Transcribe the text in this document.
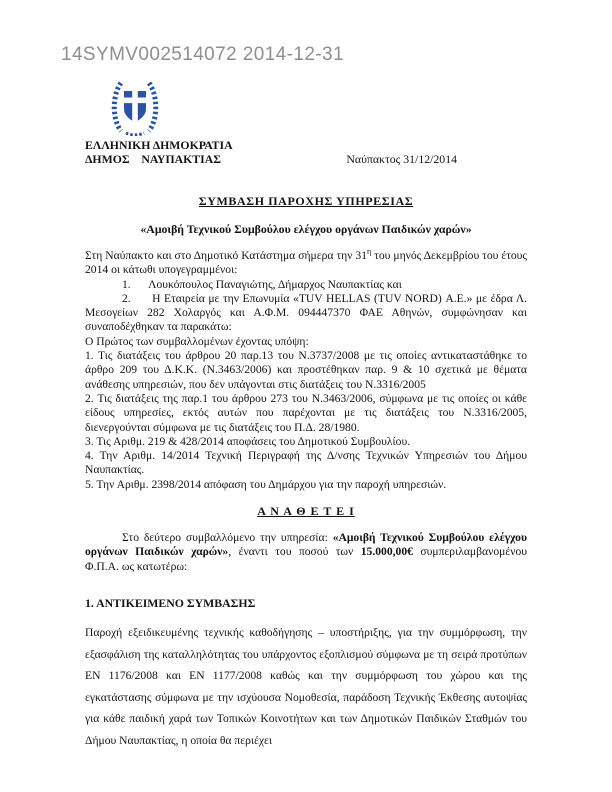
14SYMV002514072 2014-12-31
ΕΛΛΗΝΙΚΗ ΔΗΜΟΚΡΑΤΙΑ
ΔΗΜΟΣ    ΝΑΥΠΑΚΤΙΑΣ	Ναύπακτος 31/12/2014
ΣΥΜΒΑΣΗ ΠΑΡΟΧΗΣ ΥΠΗΡΕΣΙΑΣ
«Αμοιβή Τεχνικού Συμβούλου ελέγχου οργάνων Παιδικών χαρών»

Στη Ναύπακτο και στο Δημοτικό Κατάστημα σήμερα την $31^\eta$ του μηνός Δεκεμβρίου του έτους 2014 οι κάτωθι υπογεγραμμένοι:

1.      Λουκόπουλος Παναγιώτης, Δήμαρχος Ναυπακτίας και

2.      Η Εταιρεία με την Επωνυμία «TUV HELLAS (TUV NORD) Α.Ε.» με έδρα Λ. Μεσογείων 282 Χολαργός και Α.Φ.Μ. 094447370 ΦΑΕ Αθηνών, συμφώνησαν και συναποδέχθηκαν τα παρακάτω:

Ο Πρώτος των συμβαλλομένων έχοντας υπόψη:

1. Τις διατάξεις του άρθρου 20 παρ.13 του Ν.3737/2008 με τις οποίες αντικαταστάθηκε το άρθρο 209 του Δ.Κ.Κ. (Ν.3463/2006) και προστέθηκαν παρ. 9 & 10 σχετικά με θέματα ανάθεσης υπηρεσιών, που δεν υπάγονται στις διατάξεις του Ν.3316/2005

2. Τις διατάξεις της παρ.1 του άρθρου 273 του Ν.3463/2006, σύμφωνα με τις οποίες οι κάθε είδους υπηρεσίες, εκτός αυτών που παρέχονται με τις διατάξεις του Ν.3316/2005, διενεργούνται σύμφωνα με τις διατάξεις του Π.Δ. 28/1980.

3. Τις Αριθμ. 219 & 428/2014 αποφάσεις του Δημοτικού Συμβουλίου.

4. Την Αριθμ. 14/2014 Τεχνική Περιγραφή της Δ/νσης Τεχνικών Υπηρεσιών του Δήμου Ναυπακτίας.

5. Την Αριθμ. 2398/2014 απόφαση του Δημάρχου για την παροχή υπηρεσιών.

Α Ν Α Θ Ε Τ Ε Ι

Στο δεύτερο συμβαλλόμενο την υπηρεσία: «Αμοιβή Τεχνικού Συμβούλου ελέγχου οργάνων Παιδικών χαρών», έναντι του ποσού των 15.000,00€ συμπεριλαμβανομένου Φ.Π.Α. ως κατωτέρω:

1. ΑΝΤΙΚΕΙΜΕΝΟ ΣΥΜΒΑΣΗΣ

Παροχή εξειδικευμένης τεχνικής καθοδήγησης – υποστήριξης, για την συμμόρφωση, την εξασφάλιση της καταλληλότητας του υπάρχοντος εξοπλισμού σύμφωνα με τη σειρά προτύπων ΕΝ 1176/2008 και ΕΝ 1177/2008 καθώς και την συμμόρφωση του χώρου και της εγκατάστασης σύμφωνα με την ισχύουσα Νομοθεσία, παράδοση Τεχνικής Έκθεσης αυτοψίας για κάθε παιδική χαρά των Τοπικών Κοινοτήτων και των Δημοτικών Παιδικών Σταθμών του Δήμου Ναυπακτίας, η οποία θα περιέχει
